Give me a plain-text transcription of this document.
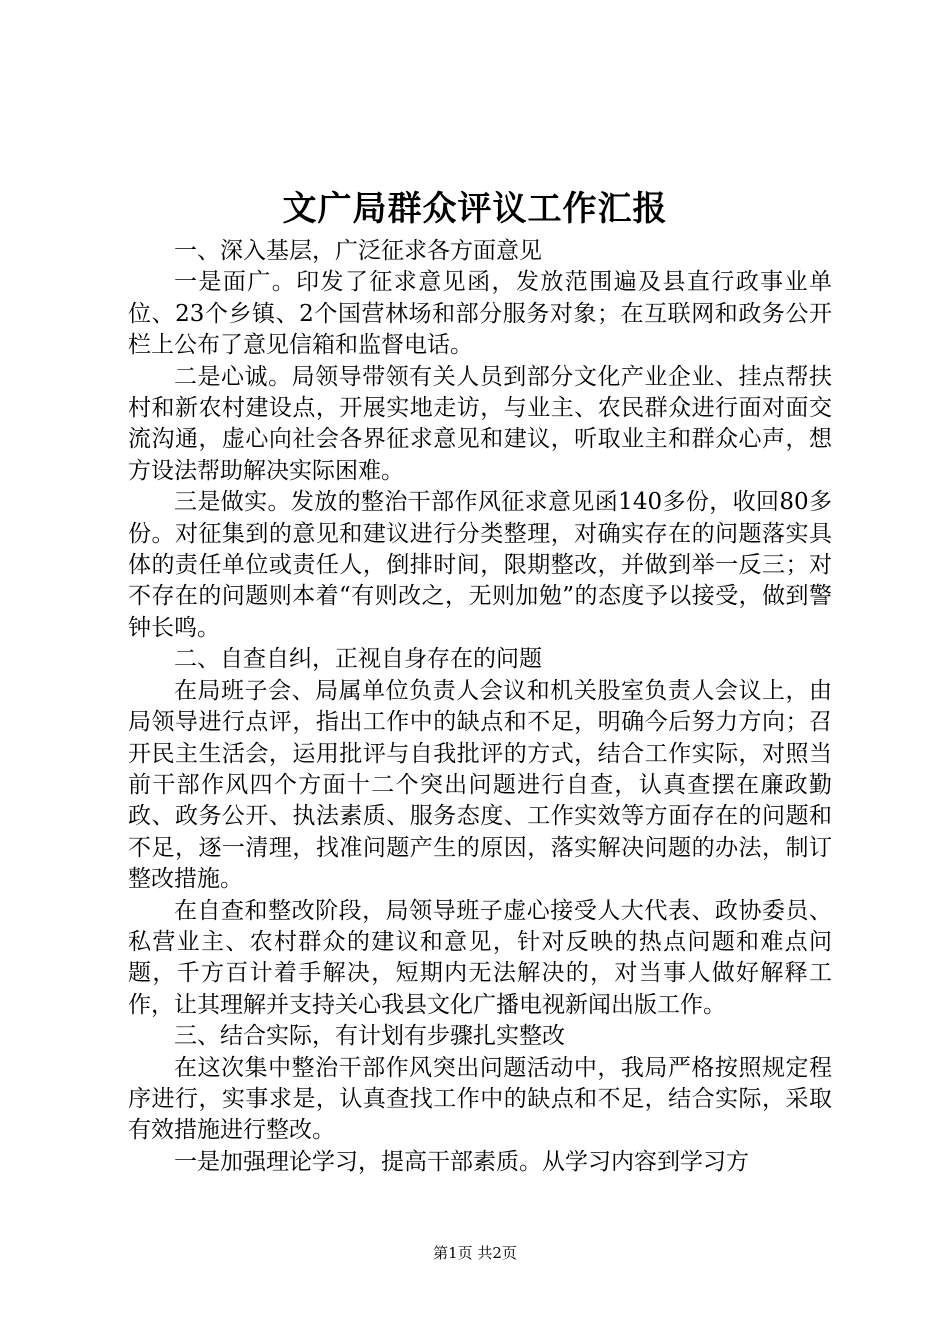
文广局群众评议工作汇报

一、深入基层，广泛征求各方面意见

一是面广。印发了征求意见函，发放范围遍及县直行政事业单位、23个乡镇、2个国营林场和部分服务对象；在互联网和政务公开栏上公布了意见信箱和监督电话。

二是心诚。局领导带领有关人员到部分文化产业企业、挂点帮扶村和新农村建设点，开展实地走访，与业主、农民群众进行面对面交流沟通，虚心向社会各界征求意见和建议，听取业主和群众心声，想方设法帮助解决实际困难。

三是做实。发放的整治干部作风征求意见函140多份，收回80多份。对征集到的意见和建议进行分类整理，对确实存在的问题落实具体的责任单位或责任人，倒排时间，限期整改，并做到举一反三；对不存在的问题则本着“有则改之，无则加勉”的态度予以接受，做到警钟长鸣。

二、自查自纠，正视自身存在的问题

在局班子会、局属单位负责人会议和机关股室负责人会议上，由局领导进行点评，指出工作中的缺点和不足，明确今后努力方向；召开民主生活会，运用批评与自我批评的方式，结合工作实际，对照当前干部作风四个方面十二个突出问题进行自查，认真查摆在廉政勤政、政务公开、执法素质、服务态度、工作实效等方面存在的问题和不足，逐一清理，找准问题产生的原因，落实解决问题的办法，制订整改措施。

在自查和整改阶段，局领导班子虚心接受人大代表、政协委员、私营业主、农村群众的建议和意见，针对反映的热点问题和难点问题，千方百计着手解决，短期内无法解决的，对当事人做好解释工作，让其理解并支持关心我县文化广播电视新闻出版工作。

三、结合实际，有计划有步骤扎实整改

在这次集中整治干部作风突出问题活动中，我局严格按照规定程序进行，实事求是，认真查找工作中的缺点和不足，结合实际，采取有效措施进行整改。

一是加强理论学习，提高干部素质。从学习内容到学习方

第1页 共2页
